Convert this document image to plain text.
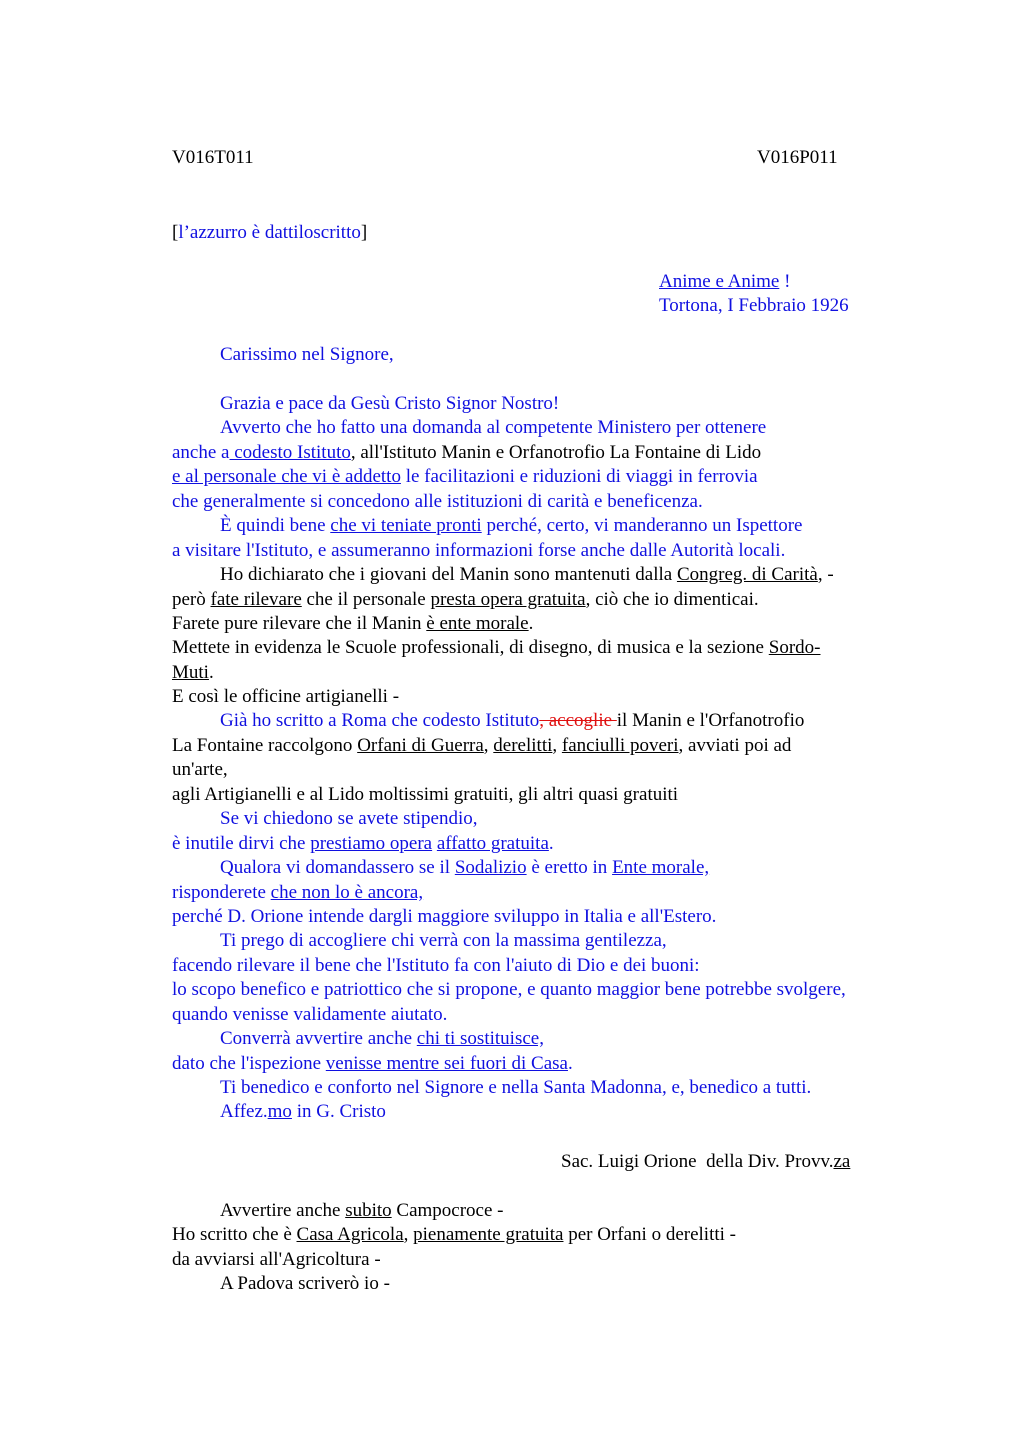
V016T011	V016P011
[l’azzurro è dattiloscritto]
Anime e Anime !
Tortona, I Febbraio 1926
Carissimo nel Signore,
Grazia e pace da Gesù Cristo Signor Nostro!
Avverto che ho fatto una domanda al competente Ministero per ottenere
anche a codesto Istituto, all'Istituto Manin e Orfanotrofio La Fontaine di Lido
e al personale che vi è addetto le facilitazioni e riduzioni di viaggi in ferrovia
che generalmente si concedono alle istituzioni di carità e beneficenza.
È quindi bene che vi teniate pronti perché, certo, vi manderanno un Ispettore
a visitare l'Istituto, e assumeranno informazioni forse anche dalle Autorità locali.
Ho dichiarato che i giovani del Manin sono mantenuti dalla Congreg. di Carità, -
però fate rilevare che il personale presta opera gratuita, ciò che io dimenticai.
Farete pure rilevare che il Manin è ente morale.
Mettete in evidenza le Scuole professionali, di disegno, di musica e la sezione Sordo-
Muti.
E così le officine artigianelli -
Già ho scritto a Roma che codesto Istituto, accoglie il Manin e l'Orfanotrofio
La Fontaine raccolgono Orfani di Guerra, derelitti, fanciulli poveri, avviati poi ad
un'arte,
agli Artigianelli e al Lido moltissimi gratuiti, gli altri quasi gratuiti
Se vi chiedono se avete stipendio,
è inutile dirvi che prestiamo opera affatto gratuita.
Qualora vi domandassero se il Sodalizio è eretto in Ente morale,
risponderete che non lo è ancora,
perché D. Orione intende dargli maggiore sviluppo in Italia e all'Estero.
Ti prego di accogliere chi verrà con la massima gentilezza,
facendo rilevare il bene che l'Istituto fa con l'aiuto di Dio e dei buoni:
lo scopo benefico e patriottico che si propone, e quanto maggior bene potrebbe svolgere,
quando venisse validamente aiutato.
Converrà avvertire anche chi ti sostituisce,
dato che l'ispezione venisse mentre sei fuori di Casa.
Ti benedico e conforto nel Signore e nella Santa Madonna, e, benedico a tutti.
Affez.mo in G. Cristo
Sac. Luigi Orione  della Div. Provv.za
Avvertire anche subito Campocroce -
Ho scritto che è Casa Agricola, pienamente gratuita per Orfani o derelitti -
da avviarsi all'Agricoltura -
A Padova scriverò io -
